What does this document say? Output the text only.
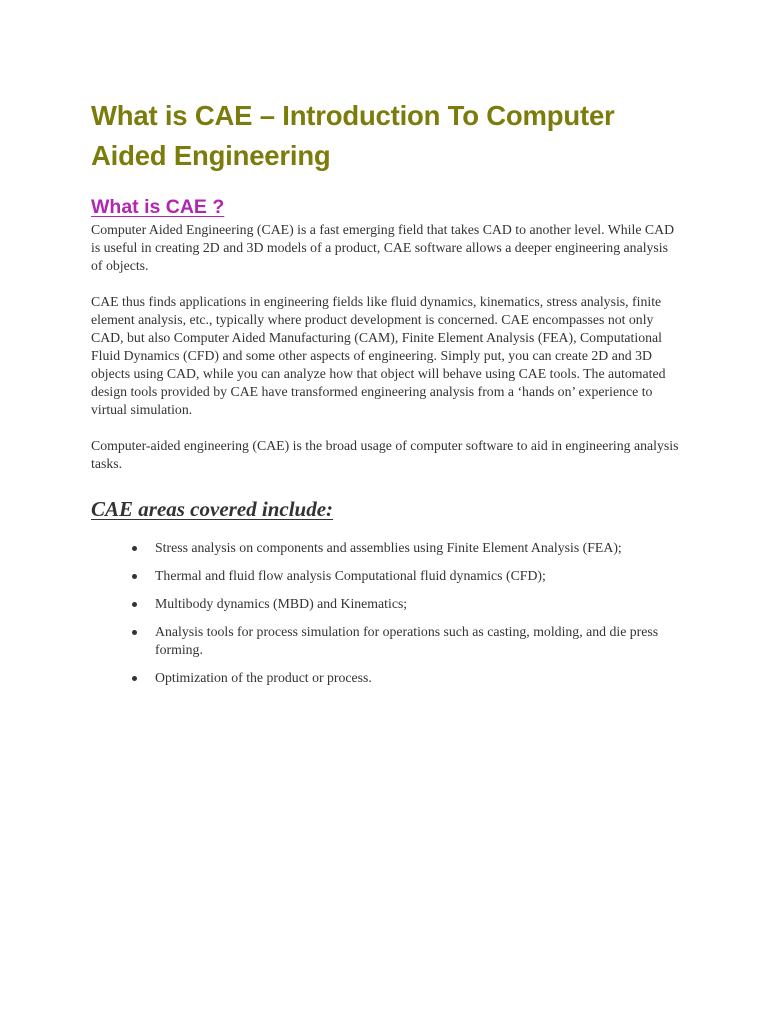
What is CAE – Introduction To Computer Aided Engineering
What is CAE ?

Computer Aided Engineering (CAE) is a fast emerging field that takes CAD to another level. While CAD is useful in creating 2D and 3D models of a product, CAE software allows a deeper engineering analysis of objects.

CAE thus finds applications in engineering fields like fluid dynamics, kinematics, stress analysis, finite element analysis, etc., typically where product development is concerned. CAE encompasses not only CAD, but also Computer Aided Manufacturing (CAM), Finite Element Analysis (FEA), Computational Fluid Dynamics (CFD) and some other aspects of engineering. Simply put, you can create 2D and 3D objects using CAD, while you can analyze how that object will behave using CAE tools. The automated design tools provided by CAE have transformed engineering analysis from a ‘hands on’ experience to virtual simulation.

Computer-aided engineering (CAE) is the broad usage of computer software to aid in engineering analysis tasks.

CAE areas covered include:
Stress analysis on components and assemblies using Finite Element Analysis (FEA);
Thermal and fluid flow analysis Computational fluid dynamics (CFD);
Multibody dynamics (MBD) and Kinematics;
Analysis tools for process simulation for operations such as casting, molding, and die press forming.
Optimization of the product or process.
